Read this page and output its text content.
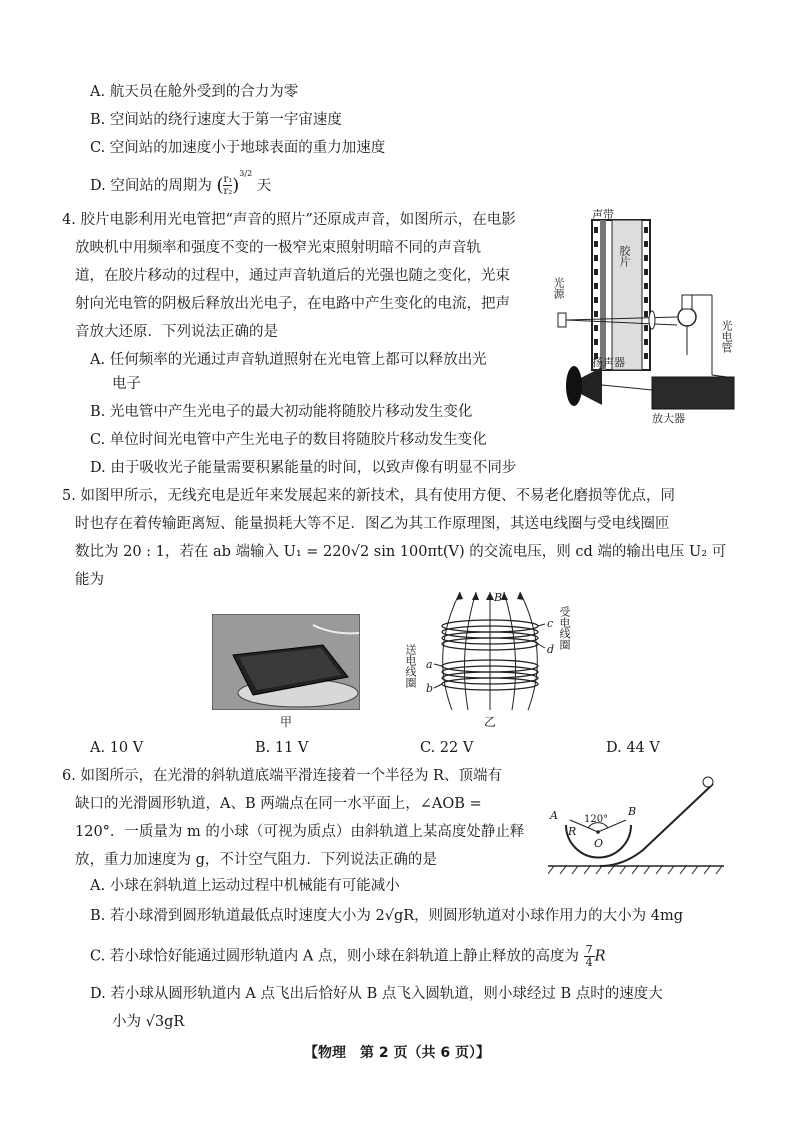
A. 航天员在舱外受到的合力为零
B. 空间站的绕行速度大于第一宇宙速度
C. 空间站的加速度小于地球表面的重力加速度
D. 空间站的周期为 ( $\frac{\text{r₁}}{\text{r₂}} )^{3/2}$ 天
4. 胶片电影利用光电管把“声音的照片”还原成声音，如图所示，在电影
放映机中用频率和强度不变的一极窄光束照射明暗不同的声音轨
道，在胶片移动的过程中，通过声音轨道后的光强也随之变化，光束
射向光电管的阴极后释放出光电子，在电路中产生变化的电流，把声
音放大还原．下列说法正确的是
A. 任何频率的光通过声音轨道照射在光电管上都可以释放出光
电子
B. 光电管中产生光电子的最大初动能将随胶片移动发生变化
C. 单位时间光电管中产生光电子的数目将随胶片移动发生变化
D. 由于吸收光子能量需要积累能量的时间，以致声像有明显不同步
声带
胶片
光源
光电管
扬声器
放大器
5. 如图甲所示，无线充电是近年来发展起来的新技术，具有使用方便、不易老化磨损等优点，同
时也存在着传输距离短、能量损耗大等不足．图乙为其工作原理图，其送电线圈与受电线圈匝
数比为 20 : 1，若在 ab 端输入 U₁ = 220√2 sin 100πt(V) 的交流电压，则 cd 端的输出电压 U₂ 可
能为
甲
B
c
d
a
b
受电线圈
送电线圈
乙
A. 10 V	B. 11 V	C. 22 V	D. 44 V
6. 如图所示，在光滑的斜轨道底端平滑连接着一个半径为 R、顶端有
缺口的光滑圆形轨道，A、B 两端点在同一水平面上，∠AOB =
120°．一质量为 m 的小球（可视为质点）由斜轨道上某高度处静止释
放，重力加速度为 g，不计空气阻力．下列说法正确的是
A. 小球在斜轨道上运动过程中机械能有可能减小
B. 若小球滑到圆形轨道最低点时速度大小为 2√gR，则圆形轨道对小球作用力的大小为 4mg
C. 若小球恰好能通过圆形轨道内 A 点，则小球在斜轨道上静止释放的高度为 $\frac{7}{4}$ R
D. 若小球从圆形轨道内 A 点飞出后恰好从 B 点飞入圆轨道，则小球经过 B 点时的速度大
小为 √3gR
A	B
O
R
120°
【物理　第 2 页（共 6 页）】
